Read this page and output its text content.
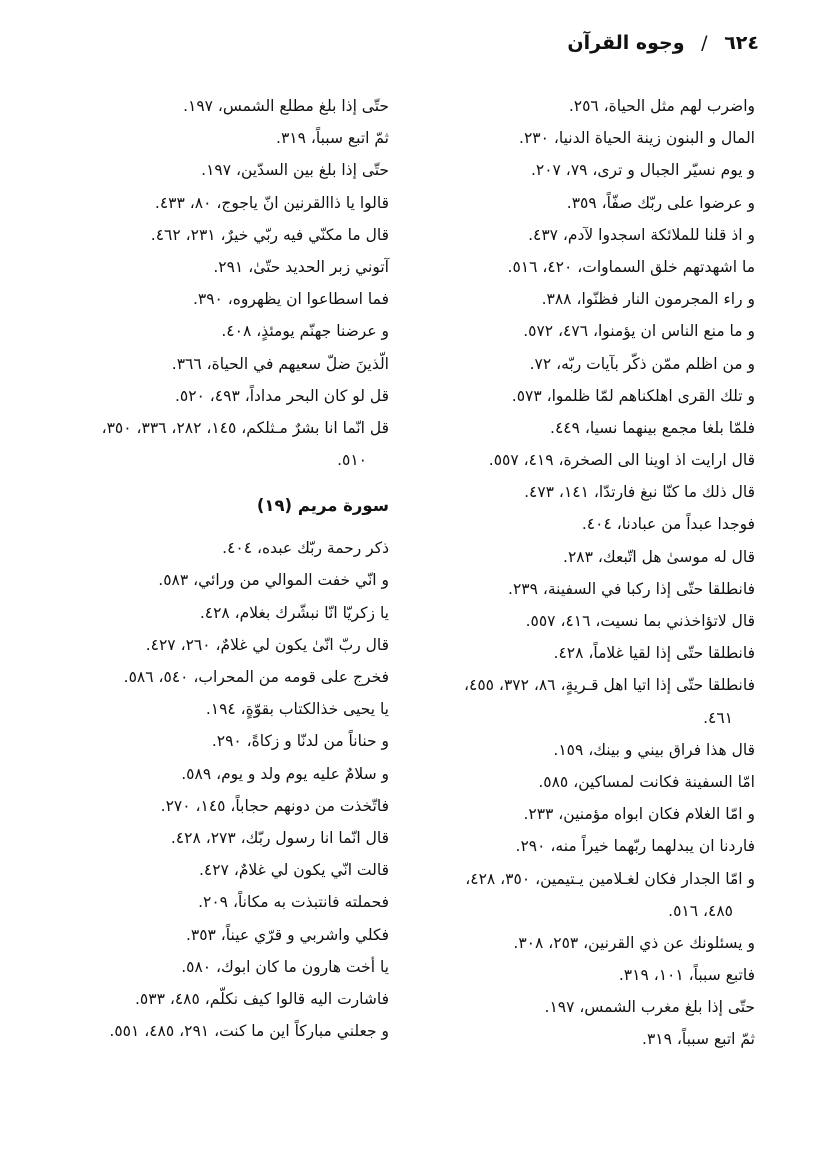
٦٢٤ / وجوه القرآن
واضرب لهم مثل الحياة، ٢٥٦.
المال و البنون زينة الحياة الدنيا، ٢٣٠.
و يوم نسيّر الجبال و ترى، ٧٩، ٢٠٧.
و عرضوا على ربّك صفّاً، ٣٥٩.
و اذ قلنا للملائكة اسجدوا لآدم، ٤٣٧.
ما اشهدتهم خلق السماوات، ٤٢٠، ٥١٦.
و راء المجرمون النار فظنّوا، ٣٨٨.
و ما منع الناس ان يؤمنوا، ٤٧٦، ٥٧٢.
و من اظلم ممّن ذكّر بآيات ربّه، ٧٢.
و تلك القرى اهلكناهم لمّا ظلموا، ٥٧٣.
فلمّا بلغا مجمع بينهما نسيا، ٤٤٩.
قال ارايت اذ اوينا الى الصخرة، ٤١٩، ٥٥٧.
قال ذلك ما كنّا نبغ فارتدّا، ١٤١، ٤٧٣.
فوجدا عبداً من عبادنا، ٤٠٤.
قال له موسىٰ هل اتّبعك، ٢٨٣.
فانطلقا حتّى إذا ركبا في السفينة، ٢٣٩.
قال لاتؤاخذني بما نسيت، ٤١٦، ٥٥٧.
فانطلقا حتّى إذا لقيا غلاماً، ٤٢٨.
فانطلقا حتّى إذا اتيا اهل قـريةٍ، ٨٦، ٣٧٢، ٤٥٥،
٤٦١.
قال هذا فراق بيني و بينك، ١٥٩.
امّا السفينة فكانت لمساكين، ٥٨٥.
و امّا الغلام فكان ابواه مؤمنين، ٢٣٣.
فاردنا ان يبدلهما ربّهما خيراً منه، ٢٩٠.
و امّا الجدار فكان لغـلامين يـتيمين، ٣٥٠، ٤٢٨،
٤٨٥، ٥١٦.
و يسئلونك عن ذي القرنين، ٢٥٣، ٣٠٨.
فاتبع سبباً، ١٠١، ٣١٩.
حتّى إذا بلغ مغرب الشمس، ١٩٧.
ثمّ اتبع سبباً، ٣١٩.
حتّى إذا بلغ مطلع الشمس، ١٩٧.
ثمّ اتبع سبباً، ٣١٩.
حتّى إذا بلغ بين السدّين، ١٩٧.
قالوا يا ذاالقرنين انّ ياجوج، ٨٠، ٤٣٣.
قال ما مكنّي فيه ربّي خيرٌ، ٢٣١، ٤٦٢.
آتوني زبر الحديد حتّىٰ، ٢٩١.
فما اسطاعوا ان يظهروه، ٣٩٠.
و عرضنا جهنّم يومئذٍ، ٤٠٨.
الّذينَ ضلّ سعيهم في الحياة، ٣٦٦.
قل لو كان البحر مداداً، ٤٩٣، ٥٢٠.
قل انّما انا بشرٌ مـثلكم، ١٤٥، ٢٨٢، ٣٣٦، ٣٥٠،
٥١٠.
سورة مريم (١٩)
ذكر رحمة ربّك عبده، ٤٠٤.
و انّي خفت الموالي من ورائي، ٥٨٣.
يا زكريّا انّا نبشّرك بغلام، ٤٢٨.
قال ربّ انّىٰ يكون لي غلامٌ، ٢٦٠، ٤٢٧.
فخرج على قومه من المحراب، ٥٤٠، ٥٨٦.
يا يحيى خذالكتاب بقوّةٍ، ١٩٤.
و حناناً من لدنّا و زكاةً، ٢٩٠.
و سلامٌ عليه يوم ولد و يوم، ٥٨٩.
فاتّخذت من دونهم حجاباً، ١٤٥، ٢٧٠.
قال انّما انا رسول ربّك، ٢٧٣، ٤٢٨.
قالت انّي يكون لي غلامٌ، ٤٢٧.
فحملته فانتبذت به مكاناً، ٢٠٩.
فكلي واشربي و قرّي عيناً، ٣٥٣.
يا أخت هارون ما كان ابوك، ٥٨٠.
فاشارت اليه قالوا كيف نكلّم، ٤٨٥، ٥٣٣.
و جعلني مباركاً اين ما كنت، ٢٩١، ٤٨٥، ٥٥١.
